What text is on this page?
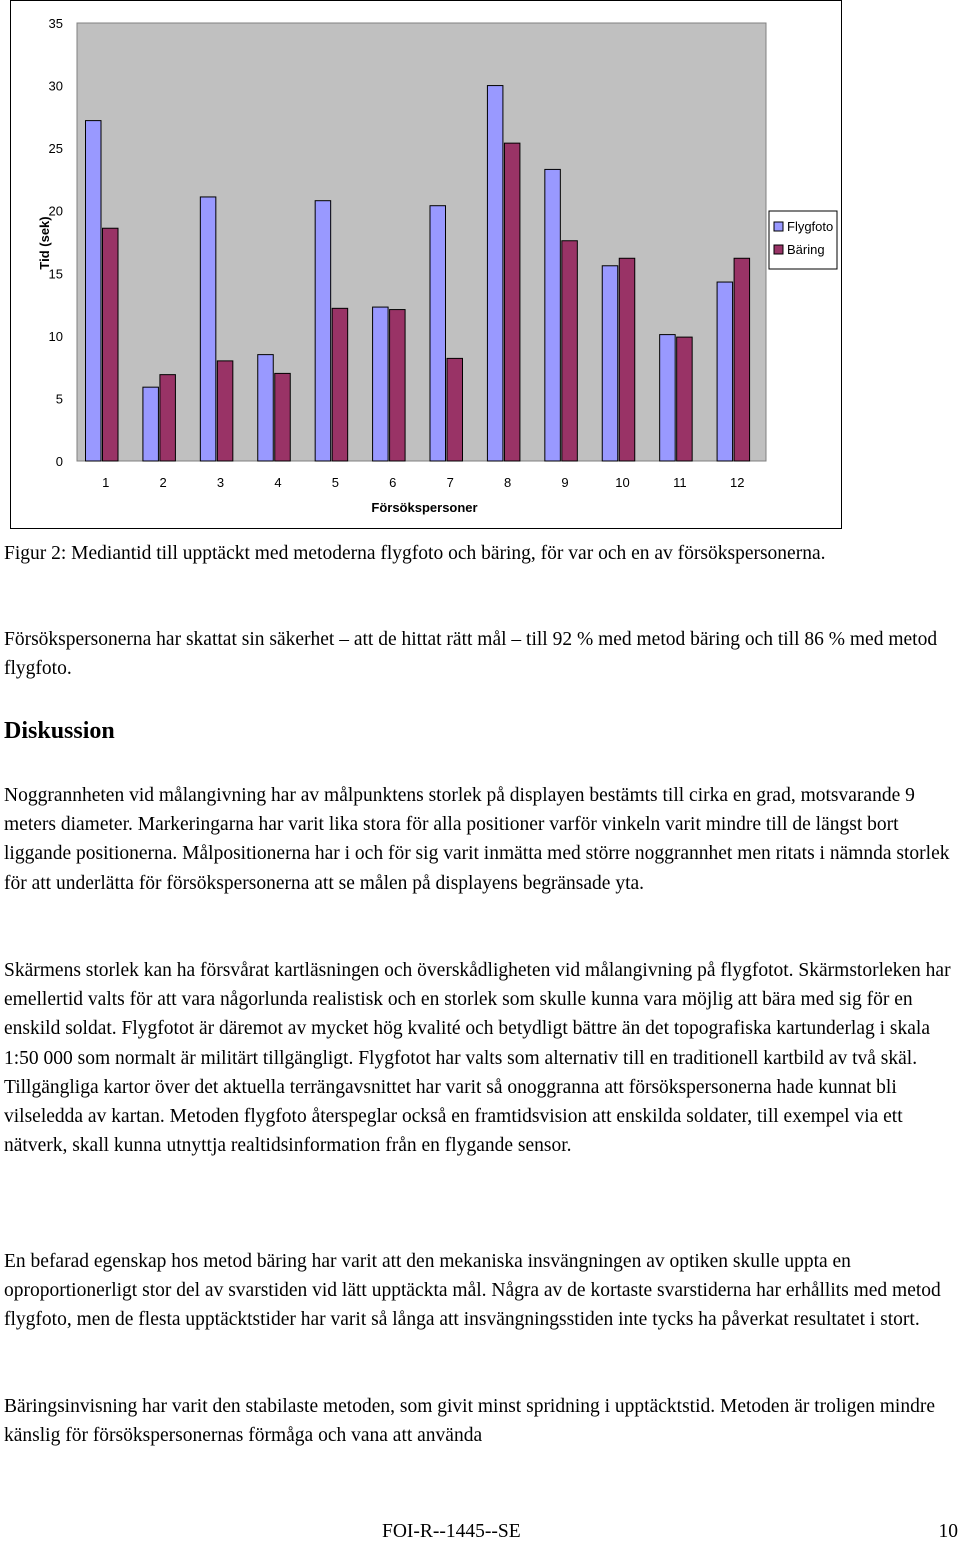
0
5
10
15
20
25
30
35
1	2	3	4	5	6	7	8	9	10	11	12
Försökspersoner
Tid (sek)	Flygfoto
Bäring

Figur 2: Mediantid till upptäckt med metoderna flygfoto och bäring, för var och en av försökspersonerna.

Försökspersonerna har skattat sin säkerhet – att de hittat rätt mål – till 92 % med metod bäring och till 86 % med metod flygfoto.

Diskussion

Noggrannheten vid målangivning har av målpunktens storlek på displayen bestämts till cirka en grad, motsvarande 9 meters diameter. Markeringarna har varit lika stora för alla positioner varför vinkeln varit mindre till de längst bort liggande positionerna. Målpositionerna har i och för sig varit inmätta med större noggrannhet men ritats i nämnda storlek för att underlätta för försökspersonerna att se målen på displayens begränsade yta.

Skärmens storlek kan ha försvårat kartläsningen och överskådligheten vid målangivning på flygfotot. Skärmstorleken har emellertid valts för att vara någorlunda realistisk och en storlek som skulle kunna vara möjlig att bära med sig för en enskild soldat. Flygfotot är däremot av mycket hög kvalité och betydligt bättre än det topografiska kartunderlag i skala 1:50 000 som normalt är militärt tillgängligt. Flygfotot har valts som alternativ till en traditionell kartbild av två skäl. Tillgängliga kartor över det aktuella terrängavsnittet har varit så onoggranna att försökspersonerna hade kunnat bli vilseledda av kartan. Metoden flygfoto återspeglar också en framtidsvision att enskilda soldater, till exempel via ett nätverk, skall kunna utnyttja realtidsinformation från en flygande sensor.

En befarad egenskap hos metod bäring har varit att den mekaniska insvängningen av optiken skulle uppta en oproportionerligt stor del av svarstiden vid lätt upptäckta mål. Några av de kortaste svarstiderna har erhållits med metod flygfoto, men de flesta upptäcktstider har varit så långa att insvängningsstiden inte tycks ha påverkat resultatet i stort.

Bäringsinvisning har varit den stabilaste metoden, som givit minst spridning i upptäcktstid. Metoden är troligen mindre känslig för försökspersonernas förmåga och vana att använda

FOI-R--1445--SE	10
